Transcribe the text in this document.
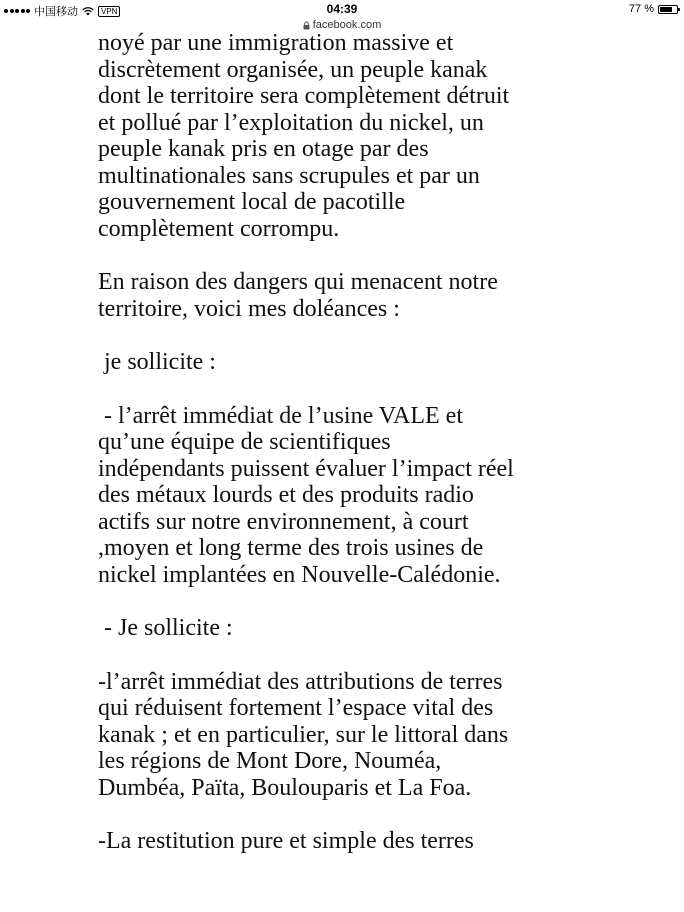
中国移动	VPN	04:39	77 %
facebook.com

noyé par une immigration massive et
discrètement organisée, un peuple kanak
dont le territoire sera complètement détruit
et pollué par l’exploitation du nickel, un
peuple kanak pris en otage par des
multinationales sans scrupules et par un
gouvernement local de pacotille
complètement corrompu.

En raison des dangers qui menacent notre
territoire, voici mes doléances :

je sollicite :

- l’arrêt immédiat de l’usine VALE et
qu’une équipe de scientifiques
indépendants puissent évaluer l’impact réel
des métaux lourds et des produits radio
actifs sur notre environnement, à court
,moyen et long terme des trois usines de
nickel implantées en Nouvelle-Calédonie.

- Je sollicite :

-l’arrêt immédiat des attributions de terres
qui réduisent fortement l’espace vital des
kanak ; et en particulier, sur le littoral dans
les régions de Mont Dore, Nouméa,
Dumbéa, Païta, Boulouparis et La Foa.

-La restitution pure et simple des terres
